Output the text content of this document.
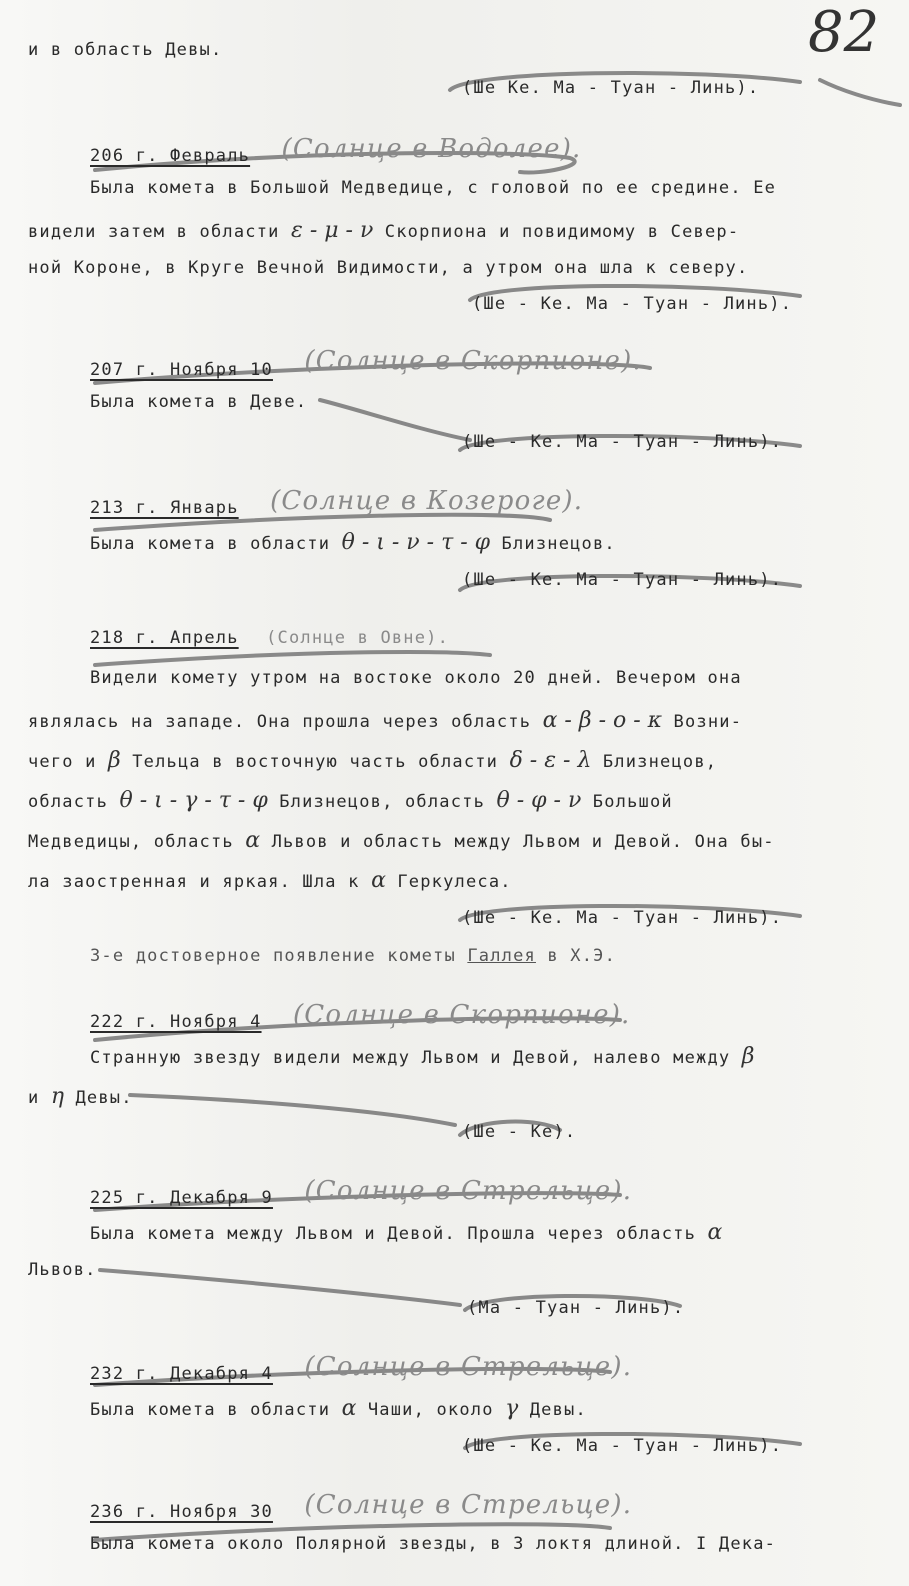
82
и в область Девы.
(Ше Ке. Ма - Туан - Линь).
206 г. Февраль (Солнце в Водолее).
Была комета в Большой Медведице, с головой по ее средине. Ее
видели затем в области ε - μ - ν Скорпиона и повидимому в Север-
ной Короне, в Круге Вечной Видимости, а утром она шла к северу.
(Ше - Ке. Ма - Туан - Линь).
207 г. Ноября 10 (Солнце в Скорпионе).
Была комета в Деве.
(Ше - Ке. Ма - Туан - Линь).
213 г. Январь (Солнце в Козероге).
Была комета в области θ - ι - ν - τ - φ Близнецов.
(Ше - Ке. Ма - Туан - Линь).
218 г. Апрель (Солнце в Овне).
Видели комету утром на востоке около 20 дней. Вечером она
являлась на западе. Она прошла через область α - β - ο - κ Возни-
чего и β Тельца в восточную часть области δ - ε - λ Близнецов,
область θ - ι - γ - τ - φ Близнецов, область θ - φ - ν Большой
Медведицы, область α Львов и область между Львом и Девой. Она бы-
ла заостренная и яркая. Шла к α Геркулеса.
(Ше - Ке. Ма - Туан - Линь).
3-е достоверное появление кометы Галлея в Х.Э.
222 г. Ноября 4 (Солнце в Скорпионе).
Странную звезду видели между Львом и Девой, налево между β
и η Девы.
(Ше - Ке).
225 г. Декабря 9 (Солнце в Стрельце).
Была комета между Львом и Девой. Прошла через область α
Львов.
(Ма - Туан - Линь).
232 г. Декабря 4 (Солнце в Стрельце).
Была комета в области α Чаши, около γ Девы.
(Ше - Ке. Ма - Туан - Линь).
236 г. Ноября 30 (Солнце в Стрельце).
Была комета около Полярной звезды, в 3 локтя длиной. I Дека-
